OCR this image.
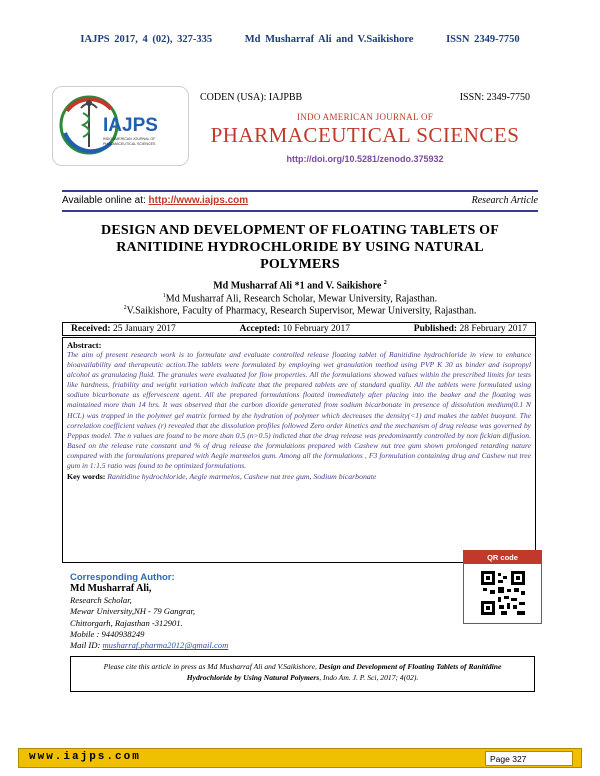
IAJPS 2017, 4 (02), 327-335	Md Musharraf Ali and V.Saikishore	ISSN 2349-7750
IAJPS
INDO AMERICAN JOURNAL OF
PHARMACEUTICAL SCIENCES
CODEN (USA): IAJPBB	ISSN: 2349-7750
INDO AMERICAN JOURNAL OF
PHARMACEUTICAL SCIENCES
http://doi.org/10.5281/zenodo.375932
Available online at: http://www.iajps.com	Research Article
DESIGN AND DEVELOPMENT OF FLOATING TABLETS OF
RANITIDINE HYDROCHLORIDE BY USING NATURAL
POLYMERS
Md Musharraf Ali *1 and V. Saikishore $^2$
$^1$Md Musharraf Ali, Research Scholar, Mewar University, Rajasthan.
$^2$V.Saikishore, Faculty of Pharmacy, Research Supervisor, Mewar University, Rajasthan.
Received: 25 January 2017	Accepted: 10 February 2017	Published: 28 February 2017
Abstract:
The aim of present research work is to formulate and evaluate controlled release floating tablet of Ranitidine hydrochloride in view to enhance bioavailability and therapeutic action.The tablets were formulated by employing wet granulation method using PVP K 30 as binder and isopropyl alcohol as granulating fluid. The granules were evaluated for flow properties. All the formulations showed values within the prescribed limits for tests like hardness, friability and weight variation which indicate that the prepared tablets are of standard quality. All the tablets were formulated using sodium bicarbonate as effervescent agent. All the prepared formulations floated immediately after placing into the beaker and the floating was maintained more than 14 hrs. It was observed that the carbon dioxide generated from sodium bicarbonate in presence of dissolution medium(0.1 N HCL) was trapped in the polymer gel matrix formed by the hydration of polymer which decreases the density(<1) and makes the tablet buoyant. The correlation coefficient values (r) revealed that the dissolution profiles followed Zero order kinetics and the mechanism of drug release was governed by Peppas model. The n values are found to be more than 0.5 (n>0.5) indicted that the drug release was predominantly controlled by non fickian diffusion. Based on the release rate constant and % of drug release the formulations prepared with Cashew nut tree gum shown prolonged retarding nature compared with the formulations prepared with Aegle marmelos gum. Among all the formulations , F3 formulation containing drug and Cashew nut tree gum in 1:1.5 ratio was found to be optimized formulations.
Key words: Ranitidine hydrochloride, Aegle marmelos, Cashew nut tree gum, Sodium bicarbonate
Corresponding Author:
Md Musharraf Ali,
Research Scholar,
Mewar University,NH - 79 Gangrar,
Chittorgarh, Rajasthan -312901.
Mobile : 9440938249
Mail ID: musharraf.pharma2012@gmail.com
QR code
Please cite this article in press as Md Musharraf Ali and V.Saikishore, Design and Development of Floating Tablets of Ranitidine Hydrochloride by Using Natural Polymers, Indo Am. J. P. Sci, 2017; 4(02).
www.iajps.com	Page 327
